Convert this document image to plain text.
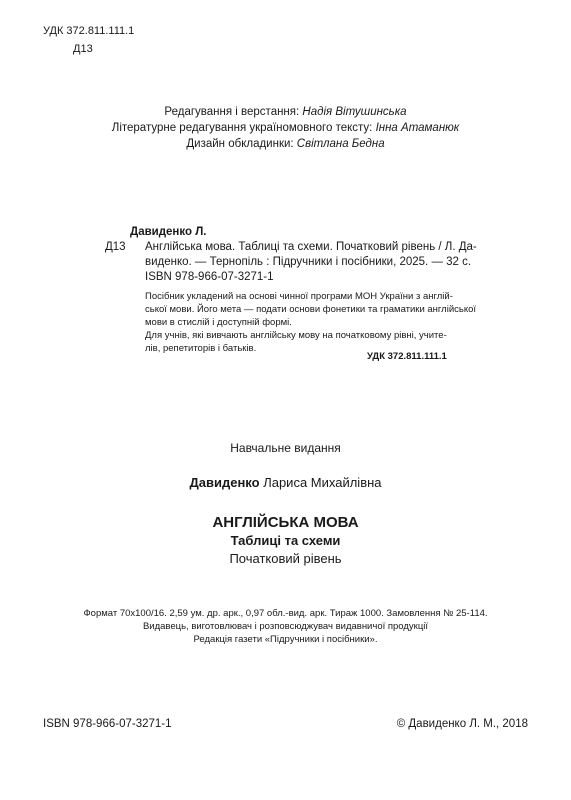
УДК 372.811.111.1
Д13
Редагування і верстання: Надія Вітушинська
Літературне редагування україномовного тексту: Інна Атаманюк
Дизайн обкладинки: Світлана Бедна
Давиденко Л.
Д13 Англійська мова. Таблиці та схеми. Початковий рівень / Л. Да-
виденко. — Тернопіль : Підручники і посібники, 2025. — 32 с.
ISBN 978-966-07-3271-1

Посібник укладений на основі чинної програми МОН України з англій-
ської мови. Його мета — подати основи фонетики та граматики англійської
мови в стислій і доступній формі.

Для учнів, які вивчають англійську мову на початковому рівні, учите-
лів, репетиторів і батьків.

УДК 372.811.111.1
Навчальне видання
Давиденко Лариса Михайлівна
АНГЛІЙСЬКА МОВА
Таблиці та схеми
Початковий рівень
Формат 70x100/16. 2,59 ум. др. арк., 0,97 обл.-вид. арк. Тираж 1000. Замовлення № 25-114.
Видавець, виготовлювач і розповсюджувач видавничої продукції
Редакція газети «Підручники і посібники».
ISBN 978-966-07-3271-1	© Давиденко Л. М., 2018
